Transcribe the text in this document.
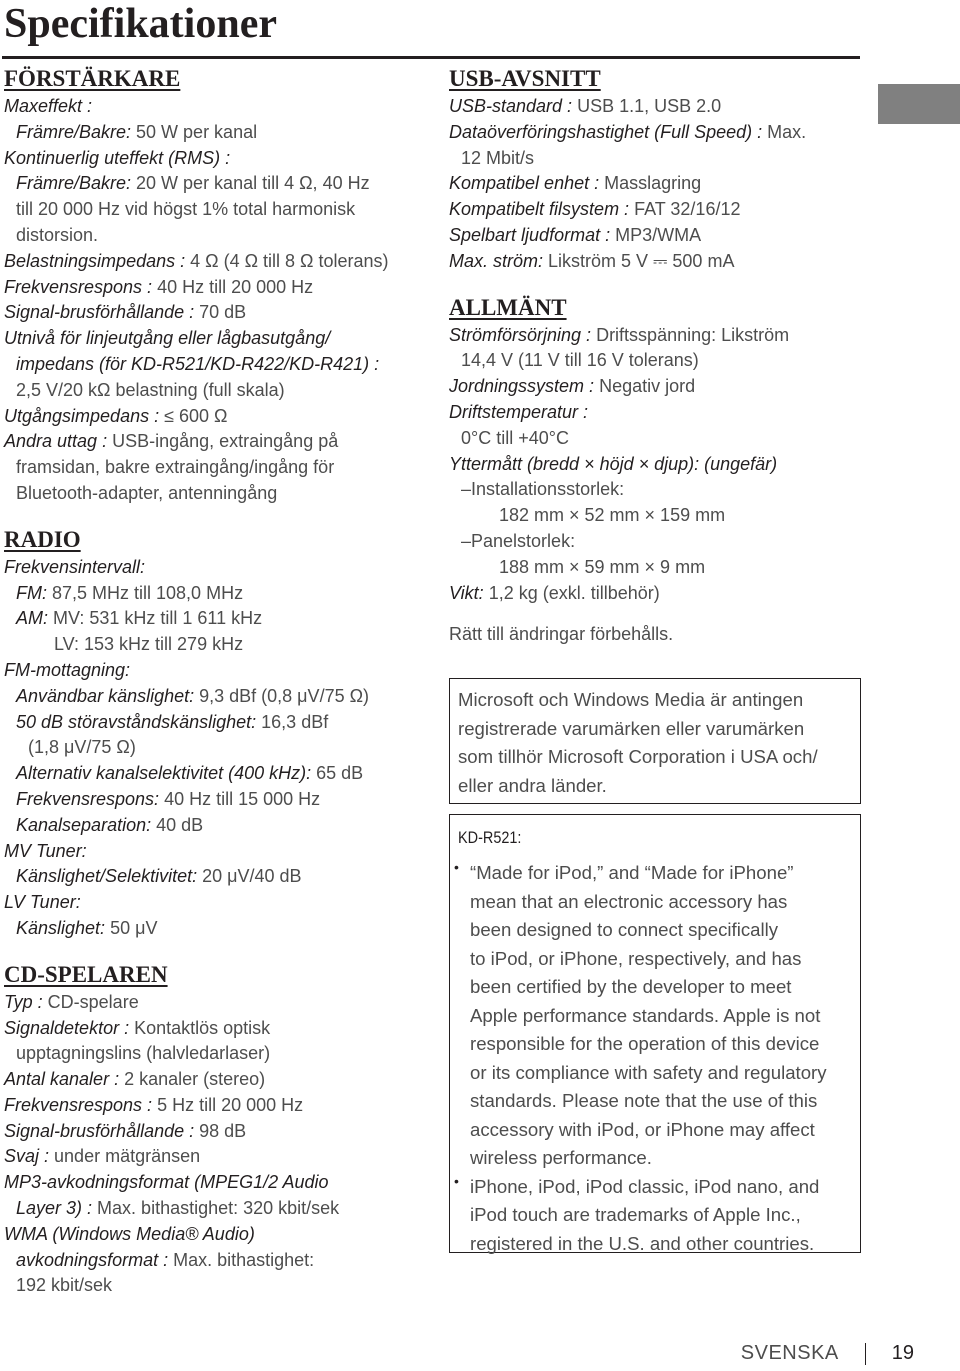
Specifikationer
FÖRSTÄRKARE
Maxeffekt :
Främre/Bakre: 50 W per kanal
Kontinuerlig uteffekt (RMS) :
Främre/Bakre: 20 W per kanal till 4 Ω, 40 Hz
till 20 000 Hz vid högst 1% total harmonisk
distorsion.
Belastningsimpedans : 4 Ω (4 Ω till 8 Ω tolerans)
Frekvensrespons : 40 Hz till 20 000 Hz
Signal-brusförhållande : 70 dB
Utnivå för linjeutgång eller lågbasutgång/
impedans (för KD-R521/KD-R422/KD-R421) :
2,5 V/20 kΩ belastning (full skala)
Utgångsimpedans : ≤ 600 Ω
Andra uttag : USB-ingång, extraingång på
framsidan, bakre extraingång/ingång för
Bluetooth-adapter, antenningång
RADIO
Frekvensintervall:
FM: 87,5 MHz till 108,0 MHz
AM: MV: 531 kHz till 1 611 kHz
LV: 153 kHz till 279 kHz
FM-mottagning:
Användbar känslighet: 9,3 dBf (0,8 μV/75 Ω)
50 dB störavståndskänslighet: 16,3 dBf
(1,8 μV/75 Ω)
Alternativ kanalselektivitet (400 kHz): 65 dB
Frekvensrespons: 40 Hz till 15 000 Hz
Kanalseparation: 40 dB
MV Tuner:
Känslighet/Selektivitet: 20 μV/40 dB
LV Tuner:
Känslighet: 50 μV
CD-SPELAREN
Typ : CD-spelare
Signaldetektor : Kontaktlös optisk
upptagningslins (halvledarlaser)
Antal kanaler : 2 kanaler (stereo)
Frekvensrespons : 5 Hz till 20 000 Hz
Signal-brusförhållande : 98 dB
Svaj : under mätgränsen
MP3-avkodningsformat (MPEG1/2 Audio
Layer 3) : Max. bithastighet: 320 kbit/sek
WMA (Windows Media® Audio)
avkodningsformat : Max. bithastighet:
192 kbit/sek
USB-AVSNITT
USB-standard : USB 1.1, USB 2.0
Dataöverföringshastighet (Full Speed) : Max.
12 Mbit/s
Kompatibel enhet : Masslagring
Kompatibelt filsystem : FAT 32/16/12
Spelbart ljudformat : MP3/WMA
Max. ström: Likström 5 V ⎓ 500 mA
ALLMÄNT
Strömförsörjning : Driftsspänning: Likström
14,4 V (11 V till 16 V tolerans)
Jordningssystem : Negativ jord
Driftstemperatur :
0°C till +40°C
Yttermått (bredd × höjd × djup): (ungefär)
–Installationsstorlek:
182 mm × 52 mm × 159 mm
–Panelstorlek:
188 mm × 59 mm × 9 mm
Vikt: 1,2 kg (exkl. tillbehör)
Rätt till ändringar förbehålls.

Microsoft och Windows Media är antingen

registrerade varumärken eller varumärken

som tillhör Microsoft Corporation i USA och/

eller andra länder.

KD-R521:

• “Made for iPod,” and “Made for iPhone”

mean that an electronic accessory has

been designed to connect specifically

to iPod, or iPhone, respectively, and has

been certified by the developer to meet

Apple performance standards. Apple is not

responsible for the operation of this device

or its compliance with safety and regulatory

standards. Please note that the use of this

accessory with iPod, or iPhone may affect

wireless performance.

• iPhone, iPod, iPod classic, iPod nano, and

iPod touch are trademarks of Apple Inc.,

registered in the U.S. and other countries.

SVENSKA	19
